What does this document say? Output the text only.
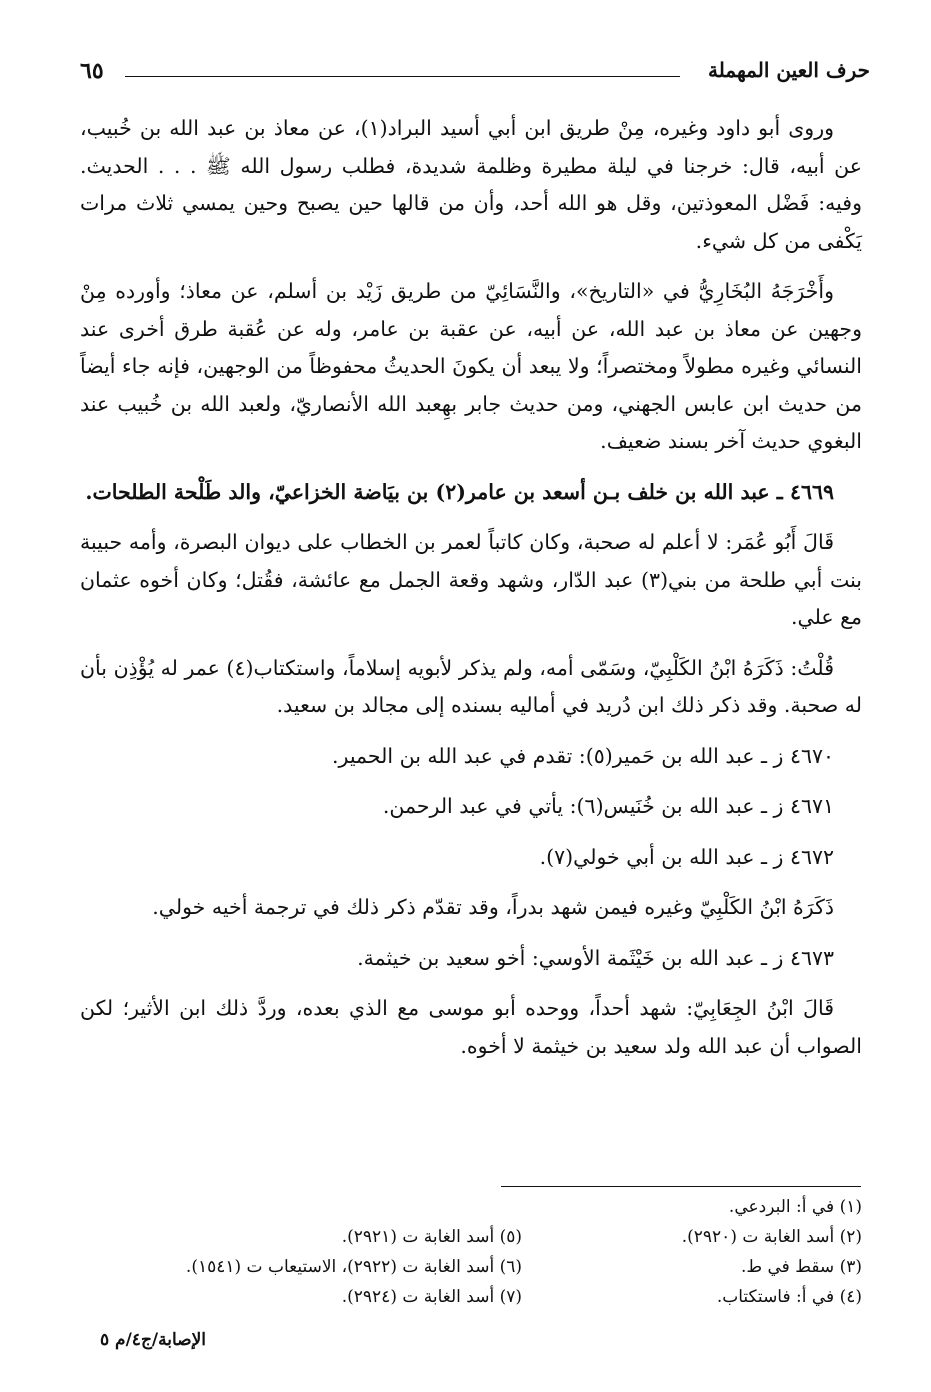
حرف العين المهملة
٦٥

وروى أبو داود وغيره، مِنْ طريق ابن أبي أسيد البراد(١)، عن معاذ بن عبد الله بن خُبيب، عن أبيه، قال: خرجنا في ليلة مطيرة وظلمة شديدة، فطلب رسول الله ﷺ . . . الحديث. وفيه: فَضْل المعوذتين، وقل هو الله أحد، وأن من قالها حين يصبح وحين يمسي ثلاث مرات يَكْفى من كل شيء.

وأَخْرَجَهُ البُخَارِيُّ في «التاريخ»، والنَّسَائِيّ من طريق زَيْد بن أسلم، عن معاذ؛ وأورده مِنْ وجهين عن معاذ بن عبد الله، عن أبيه، عن عقبة بن عامر، وله عن عُقبة طرق أخرى عند النسائي وغيره مطولاً ومختصراً؛ ولا يبعد أن يكونَ الحديثُ محفوظاً من الوجهين، فإنه جاء أيضاً من حديث ابن عابس الجهني، ومن حديث جابر بهِعبد الله الأنصاريّ، ولعبد الله بن خُبيب عند البغوي حديث آخر بسند ضعيف.

٤٦٦٩ ـ عبد الله بن خلف بـن أسعد بن عامر(٢) بن بيَاضة الخزاعيّ، والد طَلْحة الطلحات.

قَالَ أَبُو عُمَر: لا أعلم له صحبة، وكان كاتباً لعمر بن الخطاب على ديوان البصرة، وأمه حبيبة بنت أبي طلحة من بني(٣) عبد الدّار، وشهد وقعة الجمل مع عائشة، فقُتل؛ وكان أخوه عثمان مع علي.

قُلْتُ: ذَكَرَهُ ابْنُ الكَلْبِيّ، وسَمّى أمه، ولم يذكر لأبويه إسلاماً، واستكتاب(٤) عمر له يُؤْذِن بأن له صحبة. وقد ذكر ذلك ابن دُريد في أماليه بسنده إلى مجالد بن سعيد.

٤٦٧٠ ز ـ عبد الله بن حَمير(٥): تقدم في عبد الله بن الحمير.

٤٦٧١ ز ـ عبد الله بن خُنَيس(٦): يأتي في عبد الرحمن.

٤٦٧٢ ز ـ عبد الله بن أبي خولي(٧).

ذَكَرَهُ ابْنُ الكَلْبِيّ وغيره فيمن شهد بدراً، وقد تقدّم ذكر ذلك في ترجمة أخيه خولي.

٤٦٧٣ ز ـ عبد الله بن خَيْثَمة الأوسي: أخو سعيد بن خيثمة.

قَالَ ابْنُ الجِعَابِيّ: شهد أحداً، ووحده أبو موسى مع الذي بعده، وردَّ ذلك ابن الأثير؛ لكن الصواب أن عبد الله ولد سعيد بن خيثمة لا أخوه.

(١) في أ: البردعي.
(٢) أسد الغابة ت (٢٩٢٠).
(٣) سقط في ط.
(٤) في أ: فاستكتاب.
(٥) أسد الغابة ت (٢٩٢١).
(٦) أسد الغابة ت (٢٩٢٢)، الاستيعاب ت (١٥٤١).
(٧) أسد الغابة ت (٢٩٢٤).
الإصابة/ج٤/م ٥
